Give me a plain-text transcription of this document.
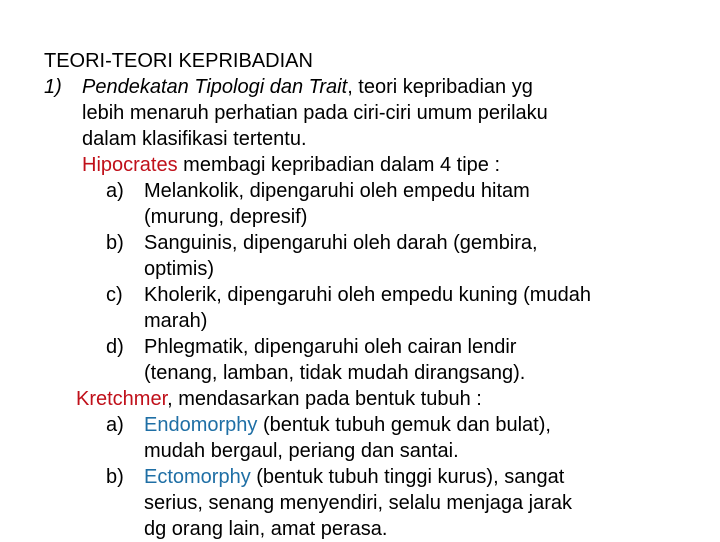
TEORI-TEORI KEPRIBADIAN
1) Pendekatan Tipologi dan Trait, teori kepribadian yg
lebih menaruh perhatian pada ciri-ciri umum perilaku
dalam klasifikasi tertentu.
Hipocrates membagi kepribadian dalam 4 tipe :
a) Melankolik, dipengaruhi oleh empedu hitam
(murung, depresif)
b) Sanguinis, dipengaruhi oleh darah (gembira,
optimis)
c) Kholerik, dipengaruhi oleh empedu kuning (mudah
marah)
d) Phlegmatik, dipengaruhi oleh cairan lendir
(tenang, lamban, tidak mudah dirangsang).
Kretchmer, mendasarkan pada bentuk tubuh :
a) Endomorphy (bentuk tubuh gemuk dan bulat),
mudah bergaul, periang dan santai.
b) Ectomorphy (bentuk tubuh tinggi kurus), sangat
serius, senang menyendiri, selalu menjaga jarak
dg orang lain, amat perasa.
